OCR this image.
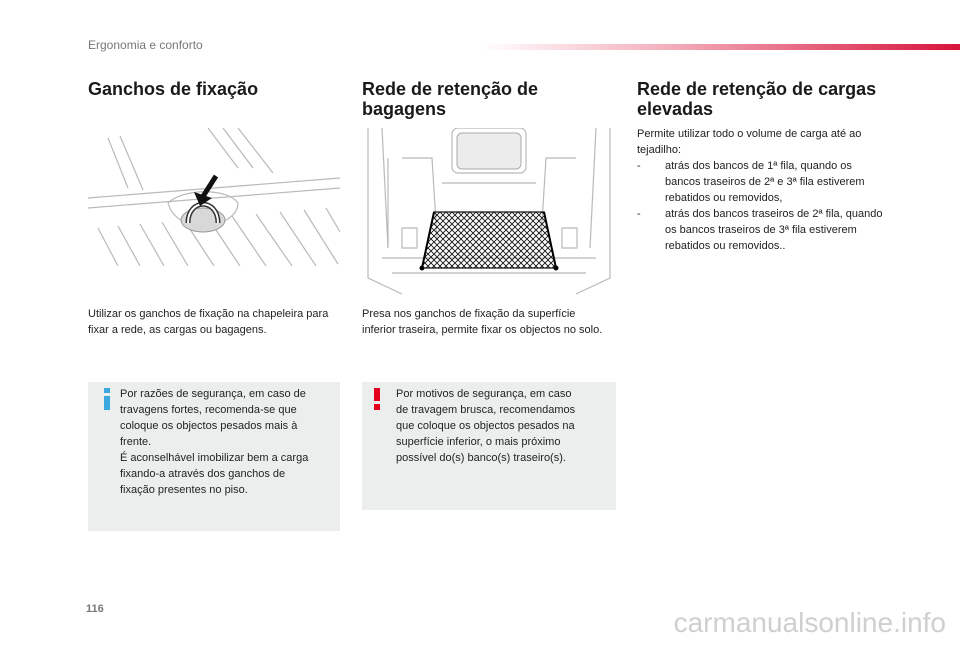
Ergonomia e conforto
Ganchos de fixação

Utilizar os ganchos de fixação na chapeleira para fixar a rede, as cargas ou bagagens.

Por razões de segurança, em caso de
travagens fortes, recomenda-se que
coloque os objectos pesados mais à
frente.
É aconselhável imobilizar bem a carga
fixando-a através dos ganchos de
fixação presentes no piso.
Rede de retenção de
bagagens

Presa nos ganchos de fixação da superfície inferior traseira, permite fixar os objectos no solo.

Por motivos de segurança, em caso
de travagem brusca, recomendamos
que coloque os objectos pesados na
superfície inferior, o mais próximo
possível do(s) banco(s) traseiro(s).
Rede de retenção de cargas
elevadas

Permite utilizar todo o volume de carga até ao tejadilho:

- atrás dos bancos de 1ª fila, quando os bancos traseiros de 2ª e 3ª fila estiverem rebatidos ou removidos,
- atrás dos bancos traseiros de 2ª fila, quando os bancos traseiros de 3ª fila estiverem rebatidos ou removidos..
116	carmanualsonline.info
